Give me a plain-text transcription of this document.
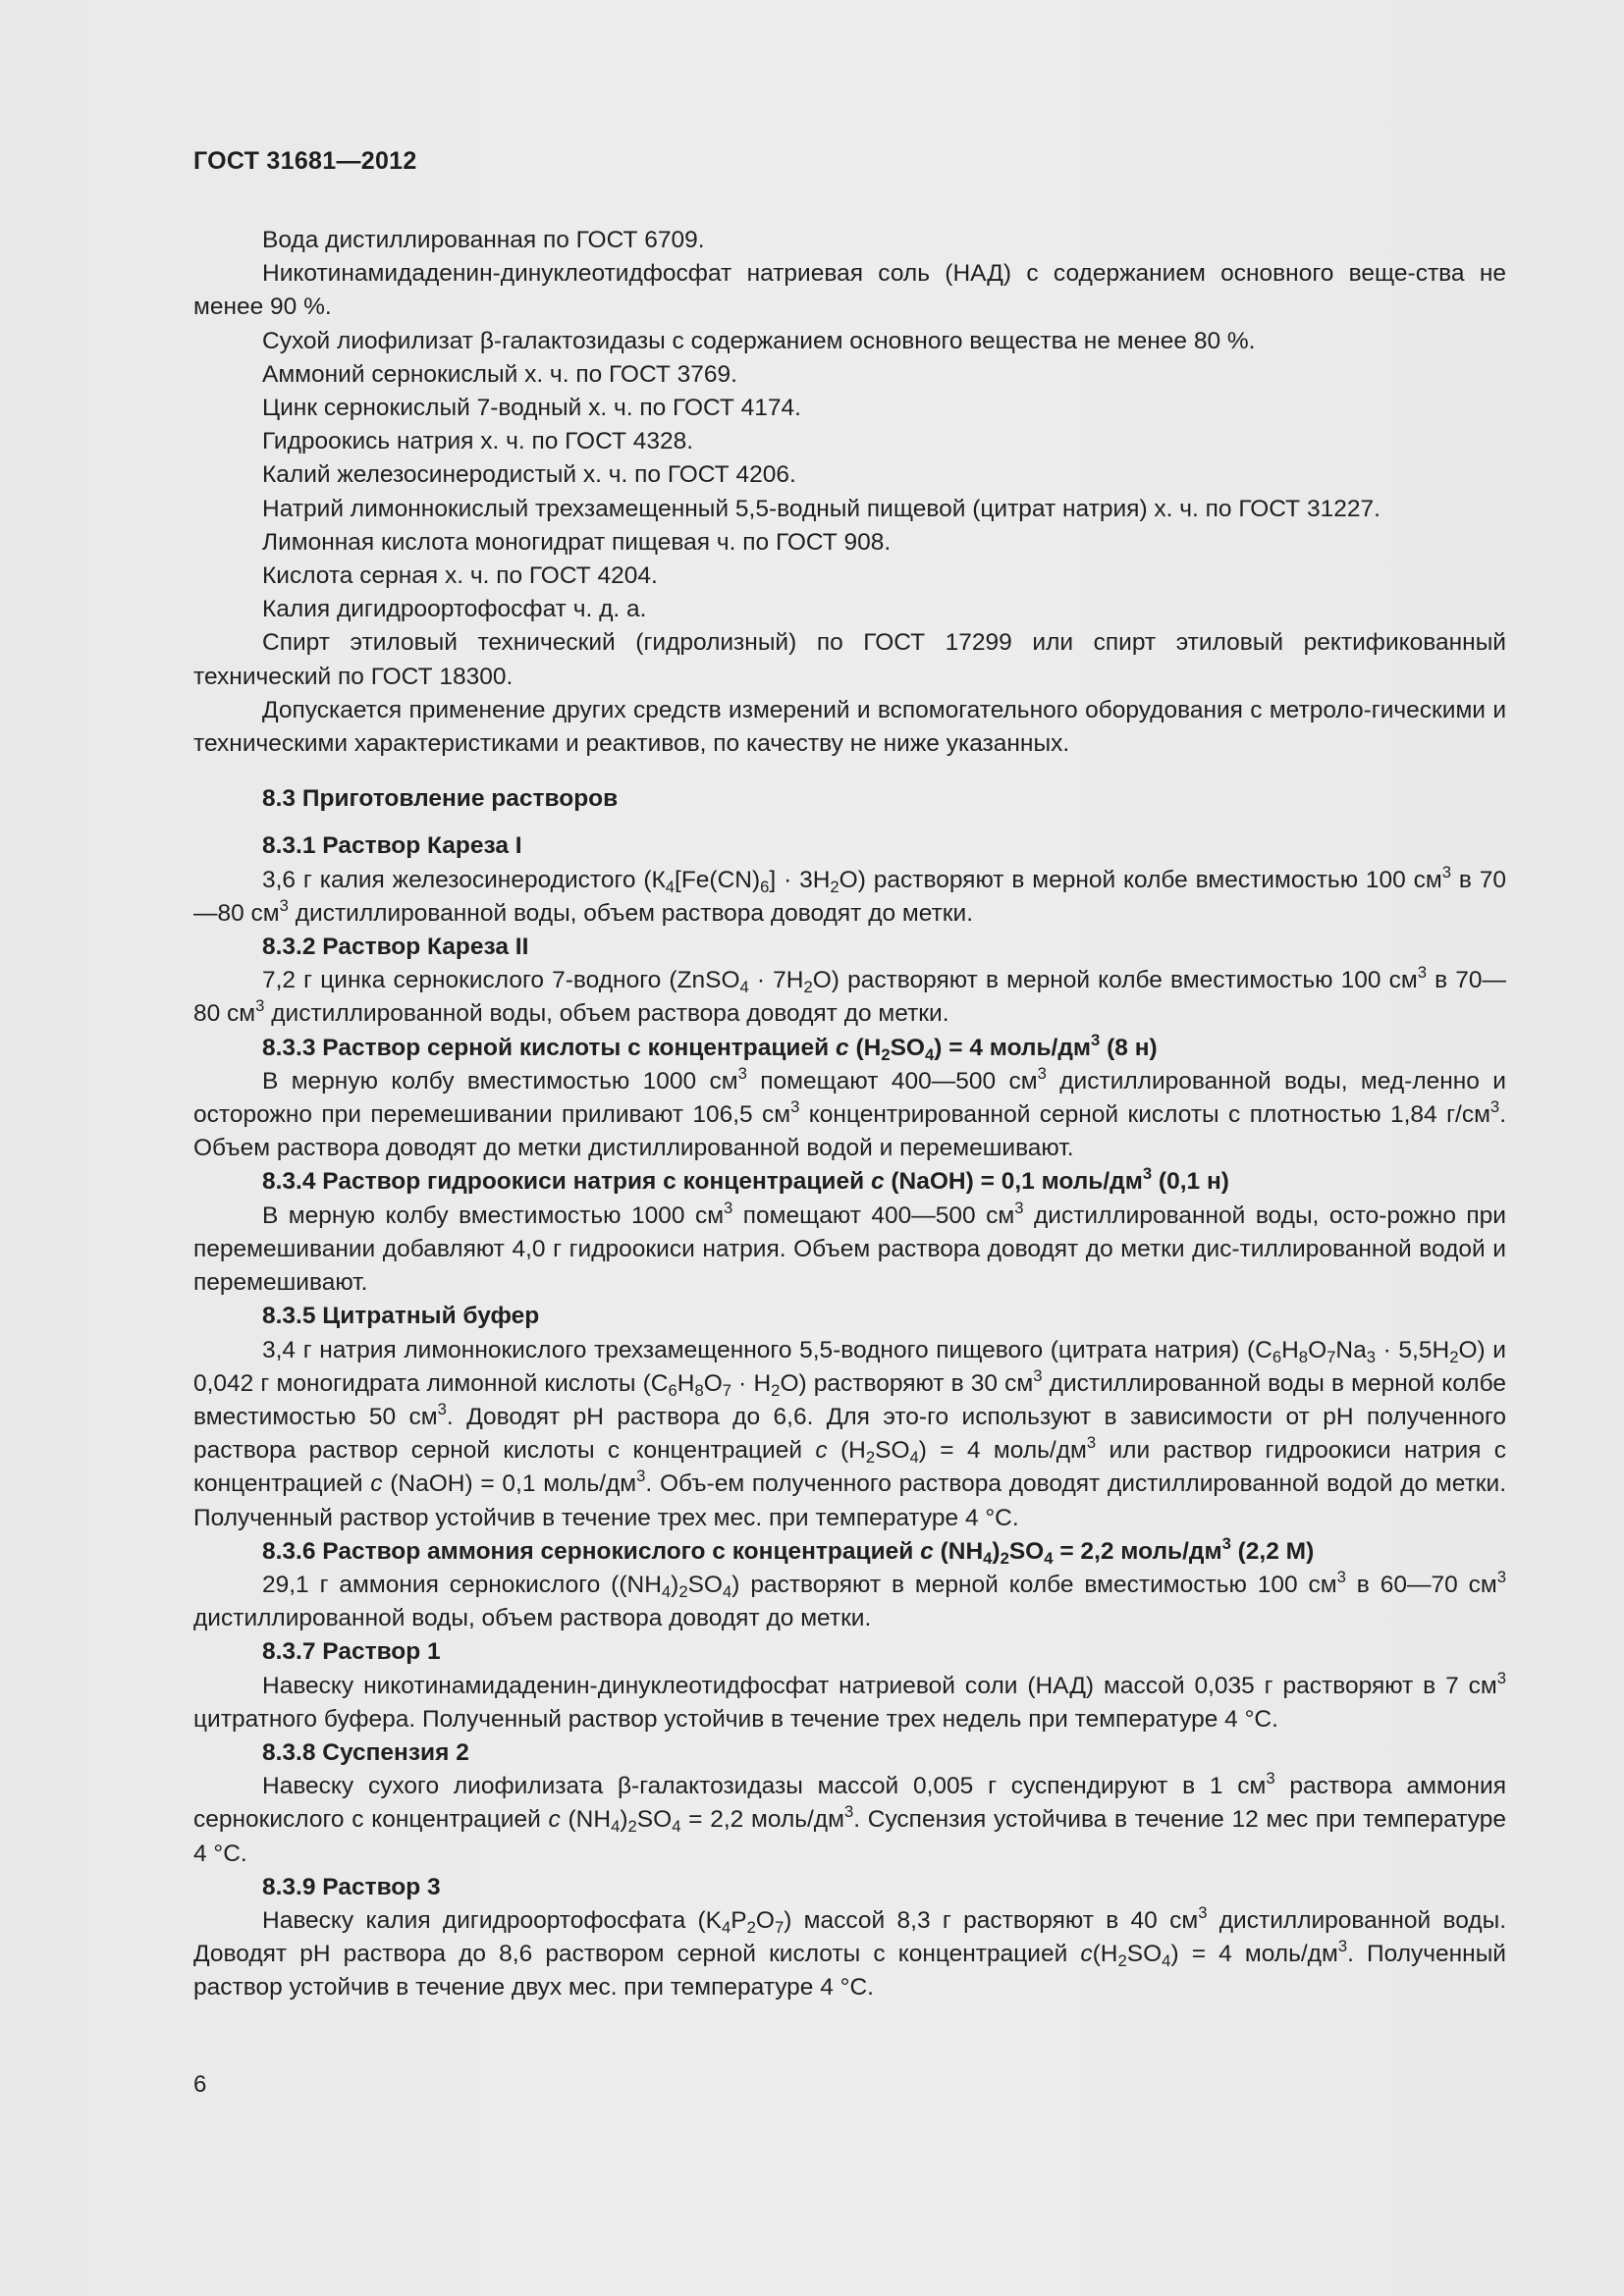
ГОСТ 31681—2012

Вода дистиллированная по ГОСТ 6709.

Никотинамидаденин-динуклеотидфосфат натриевая соль (НАД) с содержанием основного веще-ства не менее 90 %.

Сухой лиофилизат β-галактозидазы с содержанием основного вещества не менее 80 %.

Аммоний сернокислый х. ч. по ГОСТ 3769.

Цинк сернокислый 7-водный х. ч. по ГОСТ 4174.

Гидроокись натрия х. ч. по ГОСТ 4328.

Калий железосинеродистый х. ч. по ГОСТ 4206.

Натрий лимоннокислый трехзамещенный 5,5-водный пищевой (цитрат натрия) х. ч. по ГОСТ 31227.

Лимонная кислота моногидрат пищевая ч. по ГОСТ 908.

Кислота серная х. ч. по ГОСТ 4204.

Калия дигидроортофосфат ч. д. а.

Спирт этиловый технический (гидролизный) по ГОСТ 17299 или спирт этиловый ректификованный технический по ГОСТ 18300.

Допускается применение других средств измерений и вспомогательного оборудования с метроло-гическими и техническими характеристиками и реактивов, по качеству не ниже указанных.

8.3 Приготовление растворов

8.3.1 Раствор Кареза I

3,6 г калия железосинеродистого $(К_4[Fe(CN)_6] \cdot 3H_2O)$ растворяют в мерной колбе вместимостью 100 $см^3$ в 70—80 $см^3$ дистиллированной воды, объем раствора доводят до метки.

8.3.2 Раствор Кареза II

7,2 г цинка сернокислого 7-водного (ZnSO$_4$ · $7H_2O$) растворяют в мерной колбе вместимостью 100 $см^3$ в 70—80 $см^3$ дистиллированной воды, объем раствора доводят до метки.

8.3.3 Раствор серной кислоты с концентрацией c $(H_2SO_4) = 4$ моль/$дм^3$ (8 н)

В мерную колбу вместимостью 1000 $см^3$ помещают 400—500 $см^3$ дистиллированной воды, мед-ленно и осторожно при перемешивании приливают 106,5 $см^3$ концентрированной серной кислоты с плотностью 1,84 $г/см^3$. Объем раствора доводят до метки дистиллированной водой и перемешивают.

8.3.4 Раствор гидроокиси натрия с концентрацией c (NaOH) = 0,1 моль/$дм^3$ (0,1 н)

В мерную колбу вместимостью 1000 $см^3$ помещают 400—500 $см^3$ дистиллированной воды, осто-рожно при перемешивании добавляют 4,0 г гидроокиси натрия. Объем раствора доводят до метки дис-тиллированной водой и перемешивают.

8.3.5 Цитратный буфер

3,4 г натрия лимоннокислого трехзамещенного 5,5-водного пищевого (цитрата натрия) $(C_6H_8O_7Na_3 \cdot 5,5H_2O)$ и 0,042 г моногидрата лимонной кислоты $(C_6H_8O_7 \cdot H_2O)$ растворяют в 30 $см^3$ дистиллированной воды в мерной колбе вместимостью 50 $см^3$. Доводят pH раствора до 6,6. Для это-го используют в зависимости от pH полученного раствора раствор серной кислоты с концентрацией c $(H_2SO_4) = 4$ моль/$дм^3$ или раствор гидроокиси натрия с концентрацией c (NaOH) = 0,1 моль/$дм^3$. Объ-ем полученного раствора доводят дистиллированной водой до метки. Полученный раствор устойчив в течение трех мес. при температуре 4 °C.

8.3.6 Раствор аммония сернокислого с концентрацией c $(NH_4)_2SO_4 = 2,2$ моль/$дм^3$ (2,2 М)

29,1 г аммония сернокислого $((NH_4)_2SO_4)$ растворяют в мерной колбе вместимостью 100 $см^3$ в 60—70 $см^3$ дистиллированной воды, объем раствора доводят до метки.

8.3.7 Раствор 1

Навеску никотинамидаденин-динуклеотидфосфат натриевой соли (НАД) массой 0,035 г растворяют в 7 $см^3$ цитратного буфера. Полученный раствор устойчив в течение трех недель при температуре 4 °C.

8.3.8 Суспензия 2

Навеску сухого лиофилизата β-галактозидазы массой 0,005 г суспендируют в 1 $см^3$ раствора аммония сернокислого с концентрацией c $(NH_4)_2SO_4 = 2,2$ моль/$дм^3$. Суспензия устойчива в течение 12 мес при температуре 4 °C.

8.3.9 Раствор 3

Навеску калия дигидроортофосфата $(K_4P_2O_7)$ массой 8,3 г растворяют в 40 $см^3$ дистиллированной воды. Доводят pH раствора до 8,6 раствором серной кислоты с концентрацией $c(H_2SO_4) = 4$ моль/$дм^3$. Полученный раствор устойчив в течение двух мес. при температуре 4 °C.

6
